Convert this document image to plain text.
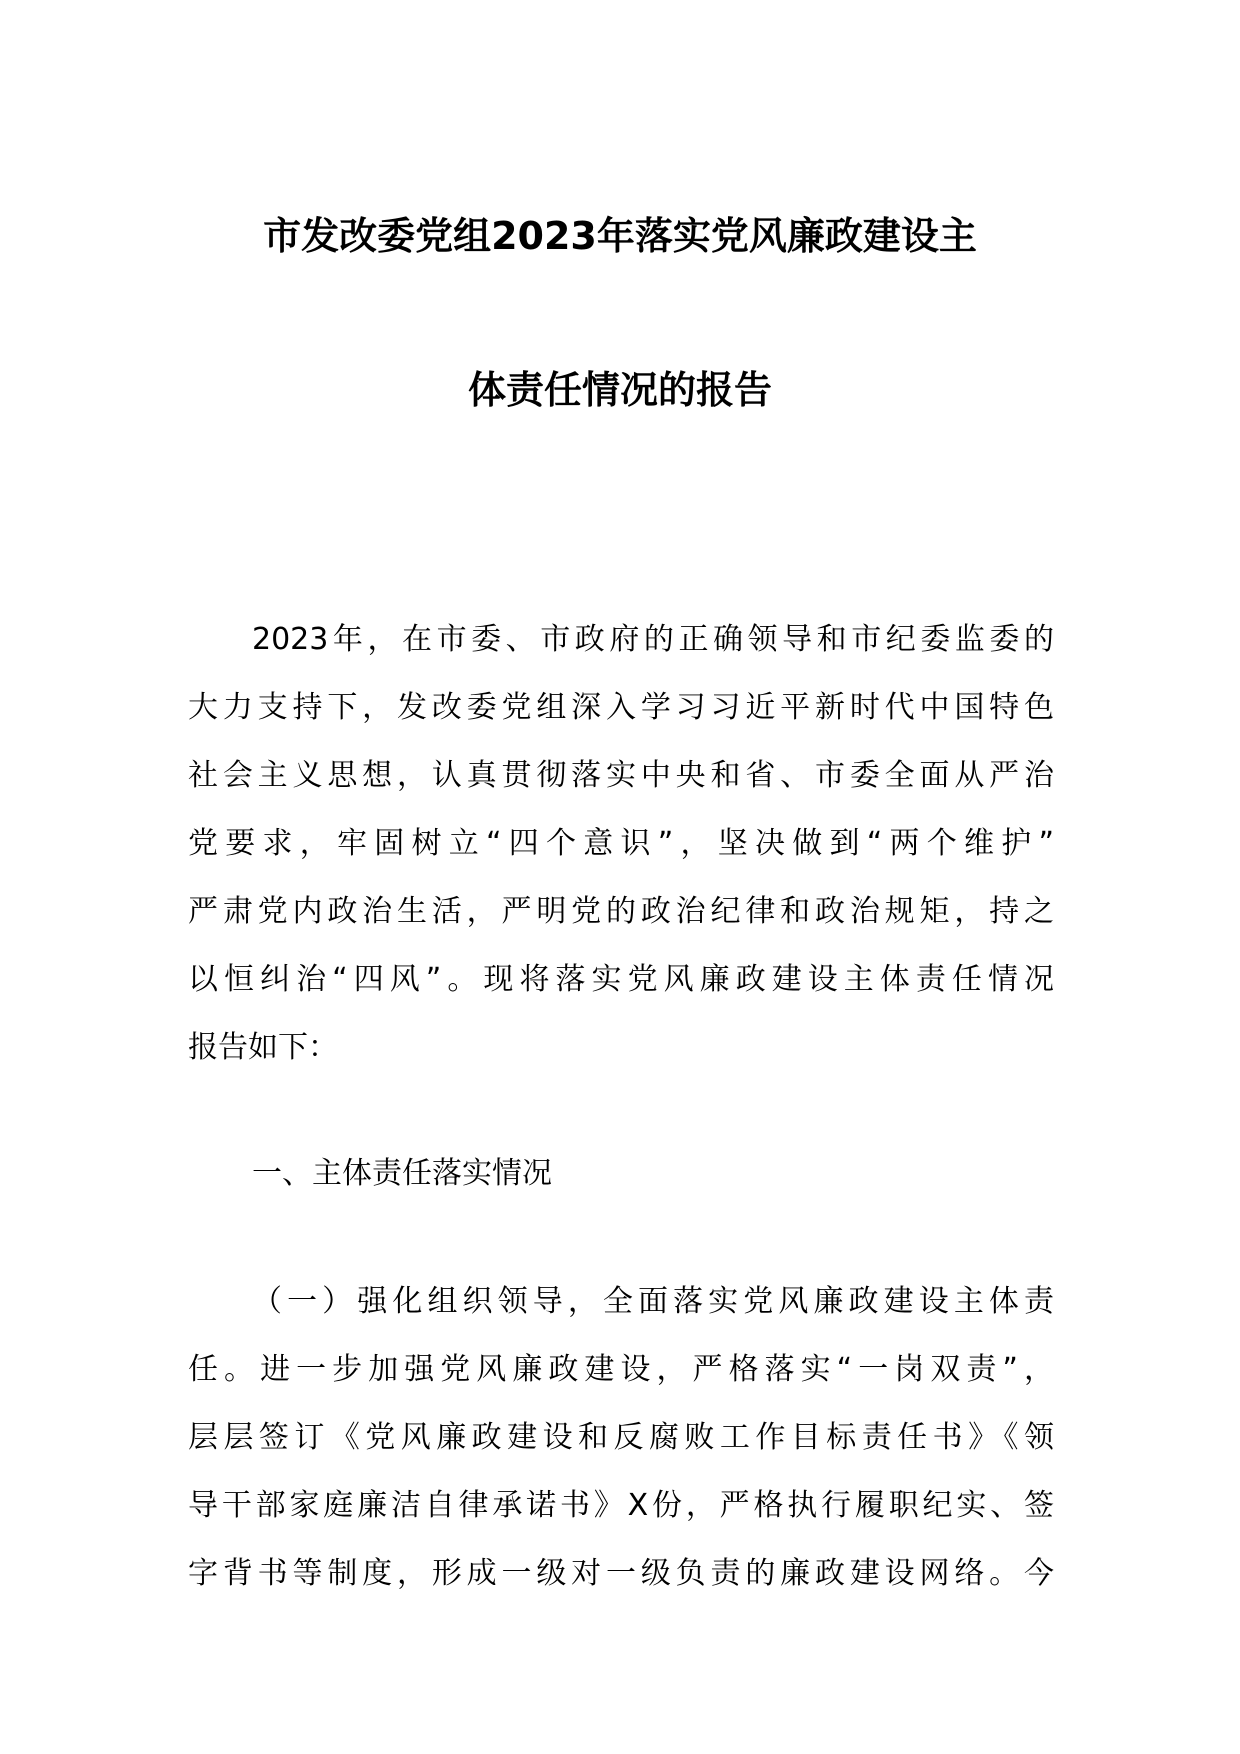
市发改委党组2023年落实党风廉政建设主
体责任情况的报告
2023年，在市委、市政府的正确领导和市纪委监委的
大力支持下，发改委党组深入学习习近平新时代中国特色
社会主义思想，认真贯彻落实中央和省、市委全面从严治
党要求，牢固树立“四个意识”，坚决做到“两个维护”
严肃党内政治生活，严明党的政治纪律和政治规矩，持之
以恒纠治“四风”。现将落实党风廉政建设主体责任情况
报告如下：
一、主体责任落实情况
（一）强化组织领导，全面落实党风廉政建设主体责
任。进一步加强党风廉政建设，严格落实“一岗双责”，
层层签订《党风廉政建设和反腐败工作目标责任书》《领
导干部家庭廉洁自律承诺书》X份，严格执行履职纪实、签
字背书等制度，形成一级对一级负责的廉政建设网络。今
